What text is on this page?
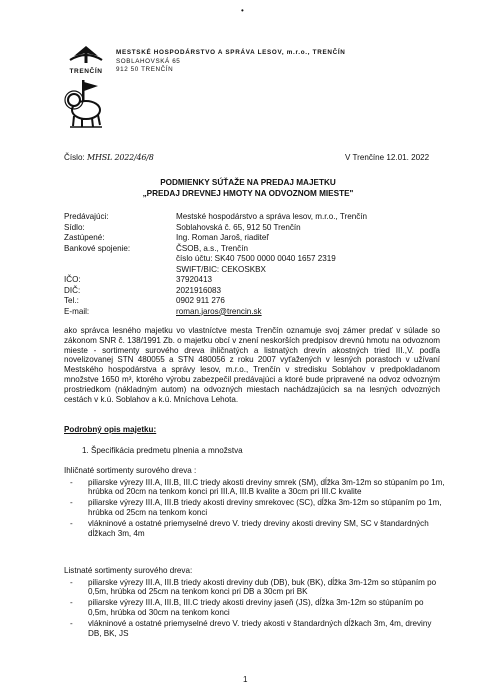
•
TRENČÍN
MESTSKÉ HOSPODÁRSTVO A SPRÁVA LESOV, m.r.o., TRENČÍN
SOBLAHOVSKÁ 65
912 50 TRENČÍN
Číslo: MHSL 2022/46/8	V Trenčíne 12.01. 2022
PODMIENKY SÚŤAŽE NA PREDAJ MAJETKU
„PREDAJ DREVNEJ HMOTY NA ODVOZNOM MIESTE"
Predávajúci:	Mestské hospodárstvo a správa lesov, m.r.o., Trenčín
Sídlo:	Soblahovská č. 65, 912 50 Trenčín
Zastúpené:	Ing. Roman Jaroš, riaditeľ
Bankové spojenie:	ČSOB, a.s., Trenčín
číslo účtu: SK40 7500 0000 0040 1657 2319
SWIFT/BIC: CEKOSKBX
IČO:	37920413
DIČ:	2021916083
Tel.:	0902 911 276
E-mail:	roman.jaros@trencin.sk
ako správca lesného majetku vo vlastníctve mesta Trenčín oznamuje svoj zámer predať v súlade so zákonom SNR č. 138/1991 Zb. o majetku obcí v znení neskorších predpisov drevnú hmotu na odvoznom mieste - sortimenty surového dreva ihličnatých a listnatých drevín akostných tried III.,V. podľa novelizovanej STN 480055 a STN 480056 z roku 2007 vyťažených v lesných porastoch v užívaní Mestského hospodárstva a správy lesov, m.r.o., Trenčín v stredisku Soblahov v predpokladanom množstve 1650 m³, ktorého výrobu zabezpečil predávajúci a ktoré bude pripravené na odvoz odvozným prostriedkom (nákladným autom) na odvozných miestach nachádzajúcich sa na lesných odvozných cestách v k.ú. Soblahov a k.ú. Mníchova Lehota.
Podrobný opis majetku:
1. Špecifikácia predmetu plnenia a množstva
Ihličnaté sortimenty surového dreva :
- piliarske výrezy III.A, III.B, III.C triedy akosti dreviny smrek (SM), dĺžka 3m-12m so stúpaním po 1m, hrúbka od 20cm na tenkom konci pri III.A, III.B kvalite a 30cm pri III.C kvalite
- piliarske výrezy III.A, III.B triedy akosti dreviny smrekovec (SC), dĺžka 3m-12m so stúpaním po 1m, hrúbka od 25cm na tenkom konci
- vlákninové a ostatné priemyselné drevo V. triedy dreviny akosti dreviny SM, SC v štandardných dĺžkach 3m, 4m
Listnaté sortimenty surového dreva:
- piliarske výrezy III.A, III.B triedy akosti dreviny dub (DB), buk (BK), dĺžka 3m-12m so stúpaním po 0,5m, hrúbka od 25cm na tenkom konci pri DB a 30cm pri BK
- piliarske výrezy III.A, III.B, III.C triedy akosti dreviny jaseň (JS), dĺžka 3m-12m so stúpaním po 0,5m, hrúbka od 30cm na tenkom konci
- vlákninové a ostatné priemyselné drevo V. triedy akosti v štandardných dĺžkach 3m, 4m, dreviny DB, BK, JS
1
